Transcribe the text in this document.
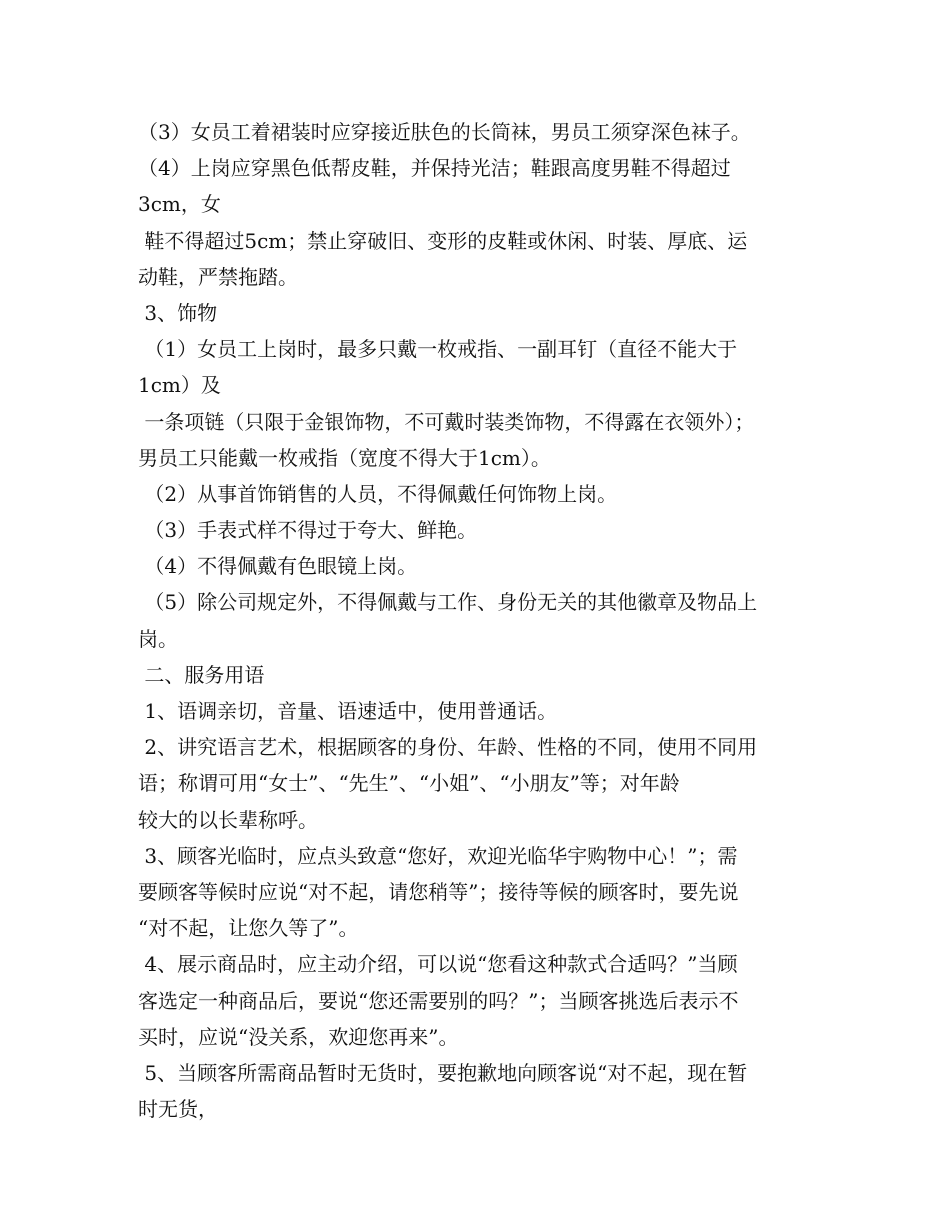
（3）女员工着裙装时应穿接近肤色的长筒袜，男员工须穿深色袜子。
（4）上岗应穿黑色低帮皮鞋，并保持光洁；鞋跟高度男鞋不得超过
3cm，女
鞋不得超过5cm；禁止穿破旧、变形的皮鞋或休闲、时装、厚底、运
动鞋，严禁拖踏。
3、饰物
（1）女员工上岗时，最多只戴一枚戒指、一副耳钉（直径不能大于
1cm）及
一条项链（只限于金银饰物，不可戴时装类饰物，不得露在衣领外）；
男员工只能戴一枚戒指（宽度不得大于1cm）。
（2）从事首饰销售的人员，不得佩戴任何饰物上岗。
（3）手表式样不得过于夸大、鲜艳。
（4）不得佩戴有色眼镜上岗。
（5）除公司规定外，不得佩戴与工作、身份无关的其他徽章及物品上
岗。
二、服务用语
1、语调亲切，音量、语速适中，使用普通话。
2、讲究语言艺术，根据顾客的身份、年龄、性格的不同，使用不同用
语；称谓可用“女士”、“先生”、“小姐”、“小朋友”等；对年龄
较大的以长辈称呼。
3、顾客光临时，应点头致意“您好，欢迎光临华宇购物中心！”；需
要顾客等候时应说“对不起，请您稍等”；接待等候的顾客时，要先说
“对不起，让您久等了”。
4、展示商品时，应主动介绍，可以说“您看这种款式合适吗？”当顾
客选定一种商品后，要说“您还需要别的吗？”；当顾客挑选后表示不
买时，应说“没关系，欢迎您再来”。
5、当顾客所需商品暂时无货时，要抱歉地向顾客说“对不起，现在暂
时无货，
